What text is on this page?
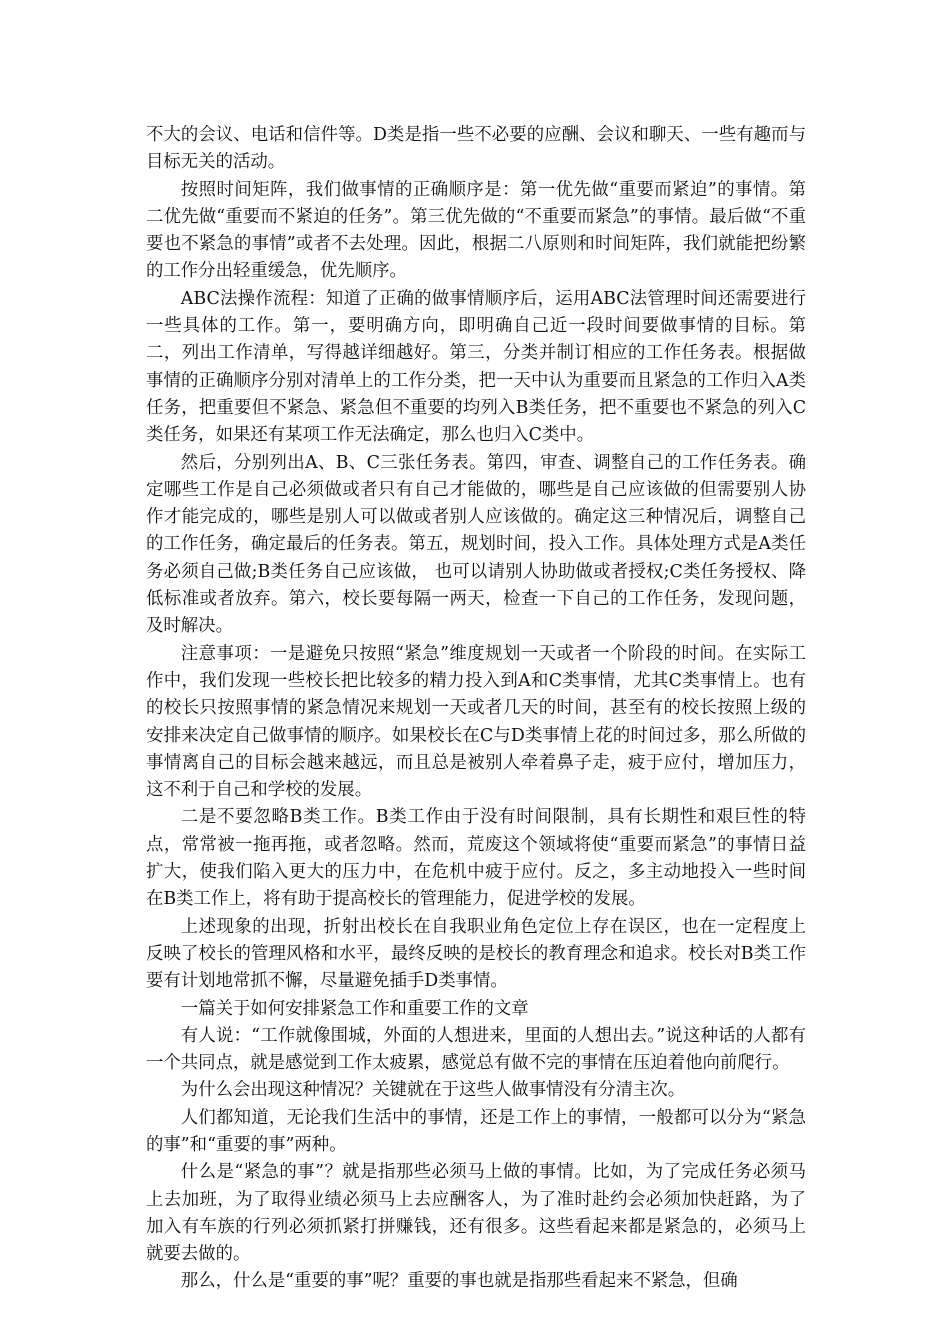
不大的会议、电话和信件等。D类是指一些不必要的应酬、会议和聊天、一些有趣而与目标无关的活动。

按照时间矩阵，我们做事情的正确顺序是：第一优先做“重要而紧迫”的事情。第二优先做“重要而不紧迫的任务”。第三优先做的“不重要而紧急”的事情。最后做“不重要也不紧急的事情”或者不去处理。因此，根据二八原则和时间矩阵，我们就能把纷繁的工作分出轻重缓急，优先顺序。

ABC法操作流程：知道了正确的做事情顺序后，运用ABC法管理时间还需要进行一些具体的工作。第一，要明确方向，即明确自己近一段时间要做事情的目标。第二，列出工作清单，写得越详细越好。第三，分类并制订相应的工作任务表。根据做事情的正确顺序分别对清单上的工作分类，把一天中认为重要而且紧急的工作归入A类任务，把重要但不紧急、紧急但不重要的均列入B类任务，把不重要也不紧急的列入C类任务，如果还有某项工作无法确定，那么也归入C类中。

然后，分别列出A、B、C三张任务表。第四，审查、调整自己的工作任务表。确定哪些工作是自己必须做或者只有自己才能做的，哪些是自己应该做的但需要别人协作才能完成的，哪些是别人可以做或者别人应该做的。确定这三种情况后，调整自己的工作任务，确定最后的任务表。第五，规划时间，投入工作。具体处理方式是A类任务必须自己做;B类任务自己应该做， 也可以请别人协助做或者授权;C类任务授权、降低标准或者放弃。第六，校长要每隔一两天，检查一下自己的工作任务，发现问题， 及时解决。

注意事项：一是避免只按照“紧急”维度规划一天或者一个阶段的时间。在实际工作中，我们发现一些校长把比较多的精力投入到A和C类事情，尤其C类事情上。也有的校长只按照事情的紧急情况来规划一天或者几天的时间，甚至有的校长按照上级的安排来决定自己做事情的顺序。如果校长在C与D类事情上花的时间过多，那么所做的事情离自己的目标会越来越远，而且总是被别人牵着鼻子走，疲于应付，增加压力，这不利于自己和学校的发展。

二是不要忽略B类工作。B类工作由于没有时间限制，具有长期性和艰巨性的特点，常常被一拖再拖，或者忽略。然而，荒废这个领域将使“重要而紧急”的事情日益扩大，使我们陷入更大的压力中，在危机中疲于应付。反之，多主动地投入一些时间在B类工作上，将有助于提高校长的管理能力，促进学校的发展。

上述现象的出现，折射出校长在自我职业角色定位上存在误区，也在一定程度上反映了校长的管理风格和水平，最终反映的是校长的教育理念和追求。校长对B类工作要有计划地常抓不懈，尽量避免插手D类事情。

一篇关于如何安排紧急工作和重要工作的文章

有人说：“工作就像围城，外面的人想进来，里面的人想出去。”说这种话的人都有一个共同点，就是感觉到工作太疲累，感觉总有做不完的事情在压迫着他向前爬行。

为什么会出现这种情况？关键就在于这些人做事情没有分清主次。

人们都知道，无论我们生活中的事情，还是工作上的事情，一般都可以分为“紧急的事”和“重要的事”两种。

什么是“紧急的事”？就是指那些必须马上做的事情。比如，为了完成任务必须马上去加班，为了取得业绩必须马上去应酬客人，为了准时赴约会必须加快赶路，为了加入有车族的行列必须抓紧打拼赚钱，还有很多。这些看起来都是紧急的，必须马上就要去做的。

那么，什么是“重要的事”呢？重要的事也就是指那些看起来不紧急，但确
